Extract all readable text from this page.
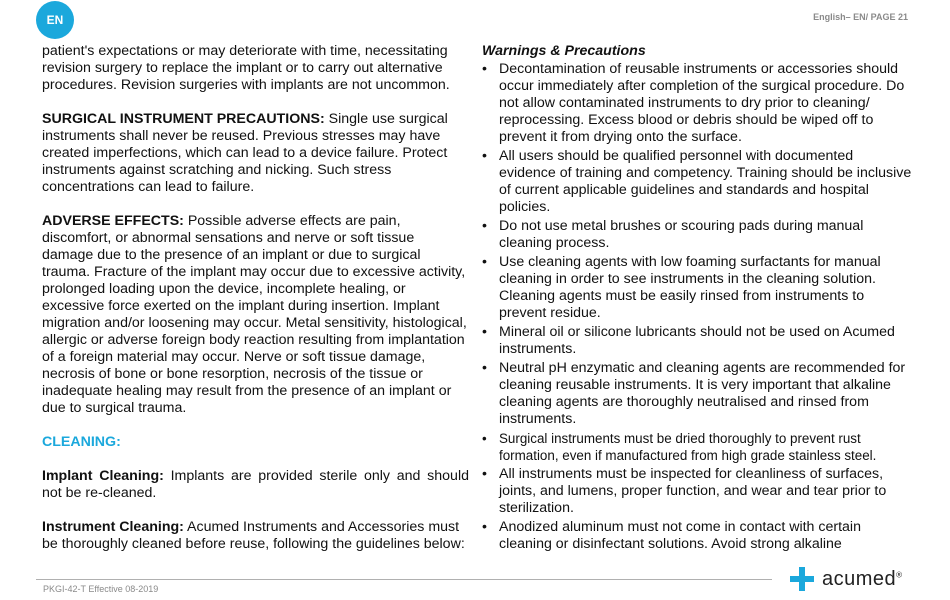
EN	English– EN/ PAGE 21

patient's expectations or may deteriorate with time, necessitating revision surgery to replace the implant or to carry out alternative procedures. Revision surgeries with implants are not uncommon.

SURGICAL INSTRUMENT PRECAUTIONS: Single use surgical instruments shall never be reused. Previous stresses may have created imperfections, which can lead to a device failure. Protect instruments against scratching and nicking. Such stress concentrations can lead to failure.

ADVERSE EFFECTS: Possible adverse effects are pain, discomfort, or abnormal sensations and nerve or soft tissue damage due to the presence of an implant or due to surgical trauma. Fracture of the implant may occur due to excessive activity, prolonged loading upon the device, incomplete healing, or excessive force exerted on the implant during insertion. Implant migration and/or loosening may occur. Metal sensitivity, histological, allergic or adverse foreign body reaction resulting from implantation of a foreign material may occur. Nerve or soft tissue damage, necrosis of bone or bone resorption, necrosis of the tissue or inadequate healing may result from the presence of an implant or due to surgical trauma.

CLEANING:

Implant Cleaning: Implants are provided sterile only and should not be re-cleaned.

Instrument Cleaning: Acumed Instruments and Accessories must be thoroughly cleaned before reuse, following the guidelines below:

Warnings & Precautions
• Decontamination of reusable instruments or accessories should occur immediately after completion of the surgical procedure. Do not allow contaminated instruments to dry prior to cleaning/ reprocessing. Excess blood or debris should be wiped off to prevent it from drying onto the surface.
• All users should be qualified personnel with documented evidence of training and competency. Training should be inclusive of current applicable guidelines and standards and hospital policies.
• Do not use metal brushes or scouring pads during manual cleaning process.
• Use cleaning agents with low foaming surfactants for manual cleaning in order to see instruments in the cleaning solution. Cleaning agents must be easily rinsed from instruments to prevent residue.
• Mineral oil or silicone lubricants should not be used on Acumed instruments.
• Neutral pH enzymatic and cleaning agents are recommended for cleaning reusable instruments. It is very important that alkaline cleaning agents are thoroughly neutralised and rinsed from instruments.
• Surgical instruments must be dried thoroughly to prevent rust formation, even if manufactured from high grade stainless steel.
• All instruments must be inspected for cleanliness of surfaces, joints, and lumens, proper function, and wear and tear prior to sterilization.
• Anodized aluminum must not come in contact with certain cleaning or disinfectant solutions. Avoid strong alkaline
PKGI-42-T Effective 08-2019	acumed®
